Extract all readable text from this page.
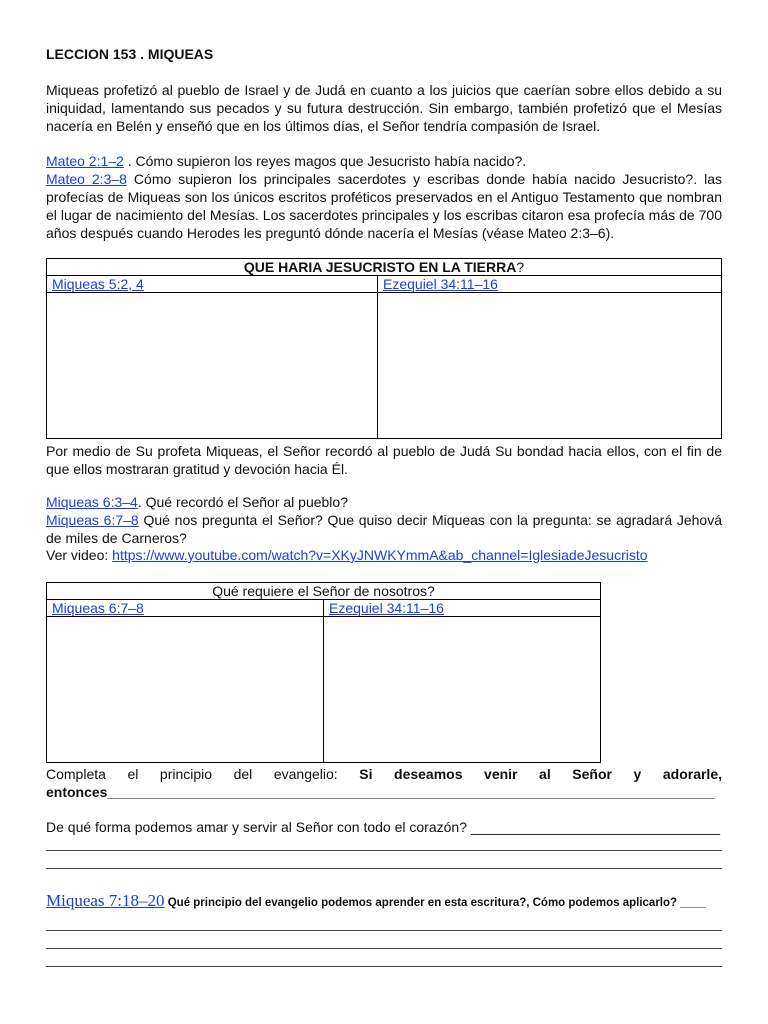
LECCION 153 . MIQUEAS
Miqueas profetizó al pueblo de Israel y de Judá en cuanto a los juicios que caerían sobre ellos debido a su iniquidad, lamentando sus pecados y su futura destrucción. Sin embargo, también profetizó que el Mesías nacería en Belén y enseñó que en los últimos días, el Señor tendría compasión de Israel.
Mateo 2:1–2 . Cómo supieron los reyes magos que Jesucristo había nacido?.
Mateo 2:3–8 Cómo supieron los principales sacerdotes y escribas donde había nacido Jesucristo?. las profecías de Miqueas son los únicos escritos proféticos preservados en el Antiguo Testamento que nombran el lugar de nacimiento del Mesías. Los sacerdotes principales y los escribas citaron esa profecía más de 700 años después cuando Herodes les preguntó dónde nacería el Mesías (véase Mateo 2:3–6).
QUE HARIA JESUCRISTO EN LA TIERRA?	
Miqueas 5:2, 4	Ezequiel 34:11–16

Por medio de Su profeta Miqueas, el Señor recordó al pueblo de Judá Su bondad hacia ellos, con el fin de que ellos mostraran gratitud y devoción hacia Él.
Miqueas 6:3–4. Qué recordó el Señor al pueblo?
Miqueas 6:7–8 Qué nos pregunta el Señor? Que quiso decir Miqueas con la pregunta: se agradará Jehová de miles de Carneros?
Ver video: https://www.youtube.com/watch?v=XKyJNWKYmmA&ab_channel=IglesiadeJesucristo
Qué requiere el Señor de nosotros?	
Miqueas 6:7–8	Ezequiel 34:11–16

Completa el principio del evangelio: Si deseamos venir al Señor y adorarle,
entonces______________________________________________________________________________
De qué forma podemos amar y servir al Señor con todo el corazón? ________________________________
Miqueas 7:18–20 Qué principio del evangelio podemos aprender en esta escritura?, Cómo podemos aplicarlo? ____
